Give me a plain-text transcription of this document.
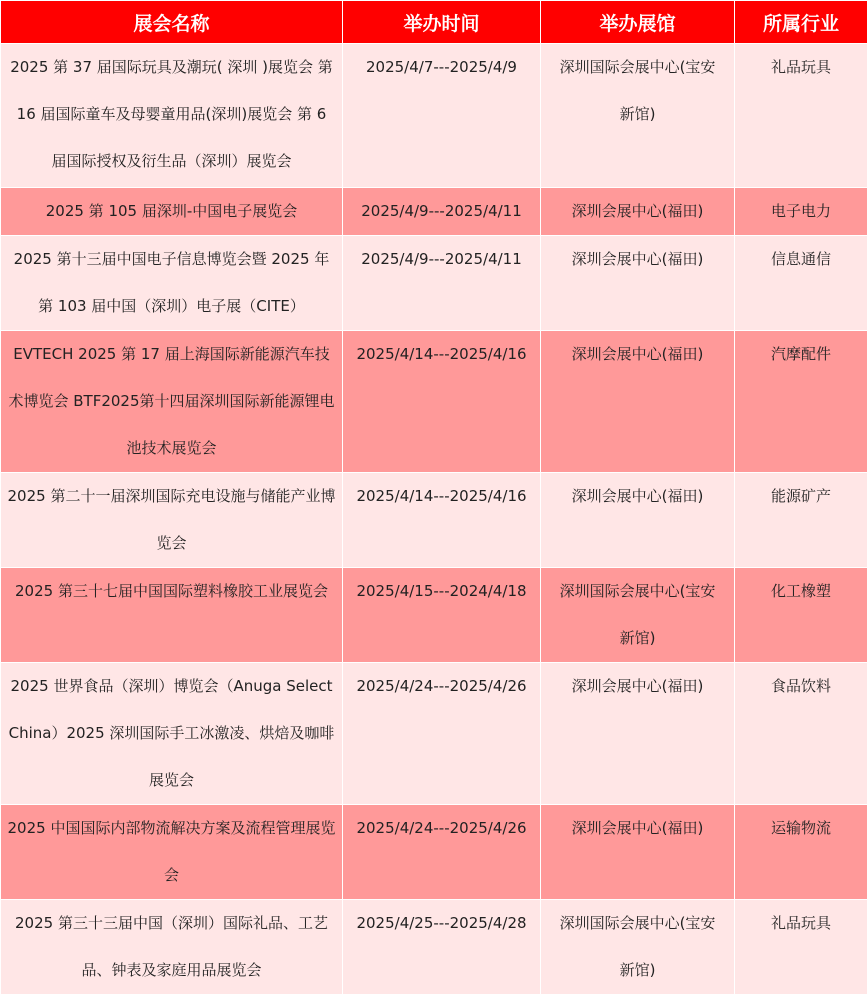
展会名称	举办时间	举办展馆	所属行业
2025 第 37 届国际玩具及潮玩( 深圳 )展览会 第 16 届国际童车及母婴童用品(深圳)展览会 第 6 届国际授权及衍生品（深圳）展览会	2025/4/7---2025/4/9	深圳国际会展中心(宝安新馆)	礼品玩具
2025 第 105 届深圳-中国电子展览会	2025/4/9---2025/4/11	深圳会展中心(福田)	电子电力
2025 第十三届中国电子信息博览会暨 2025 年第 103 届中国（深圳）电子展（CITE）	2025/4/9---2025/4/11	深圳会展中心(福田)	信息通信
EVTECH 2025 第 17 届上海国际新能源汽车技术博览会 BTF2025第十四届深圳国际新能源锂电池技术展览会	2025/4/14---2025/4/16	深圳会展中心(福田)	汽摩配件
2025 第二十一届深圳国际充电设施与储能产业博览会	2025/4/14---2025/4/16	深圳会展中心(福田)	能源矿产
2025 第三十七届中国国际塑料橡胶工业展览会	2025/4/15---2024/4/18	深圳国际会展中心(宝安新馆)	化工橡塑
2025 世界食品（深圳）博览会（Anuga Select China）2025 深圳国际手工冰激凌、烘焙及咖啡展览会	2025/4/24---2025/4/26	深圳会展中心(福田)	食品饮料
2025 中国国际内部物流解决方案及流程管理展览会	2025/4/24---2025/4/26	深圳会展中心(福田)	运输物流
2025 第三十三届中国（深圳）国际礼品、工艺品、钟表及家庭用品展览会	2025/4/25---2025/4/28	深圳国际会展中心(宝安新馆)	礼品玩具
